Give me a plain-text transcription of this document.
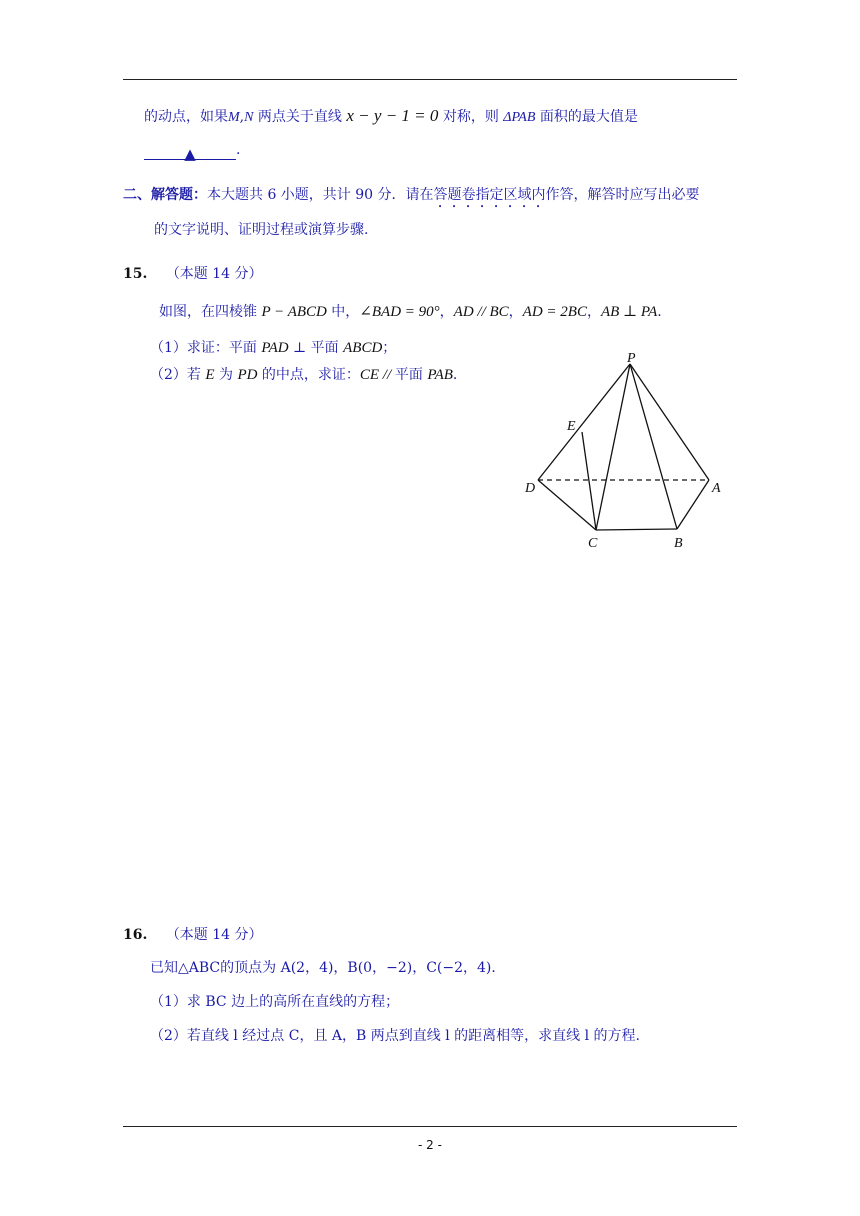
的动点，如果M,N 两点关于直线 x − y − 1 = 0 对称，则 ΔPAB 面积的最大值是
▲	.
二、解答题：本大题共 6 小题，共计 90 分．请在答题卷指定区域内作答，解答时应写出必要
的文字说明、证明过程或演算步骤.
15. （本题 14 分）
如图，在四棱锥 P − ABCD 中，∠BAD = 90°，AD // BC，AD = 2BC，AB ⊥ PA.
（1）求证：平面 PAD ⊥ 平面 ABCD；
（2）若 E 为 PD 的中点，求证：CE // 平面 PAB.
P
E
D	A
C	B
16. （本题 14 分）
已知△ABC的顶点为 A(2，4)，B(0，−2)，C(−2，4)．
（1）求 BC 边上的高所在直线的方程；
（2）若直线 l 经过点 C，且 A，B 两点到直线 l 的距离相等，求直线 l 的方程.
- 2 -
